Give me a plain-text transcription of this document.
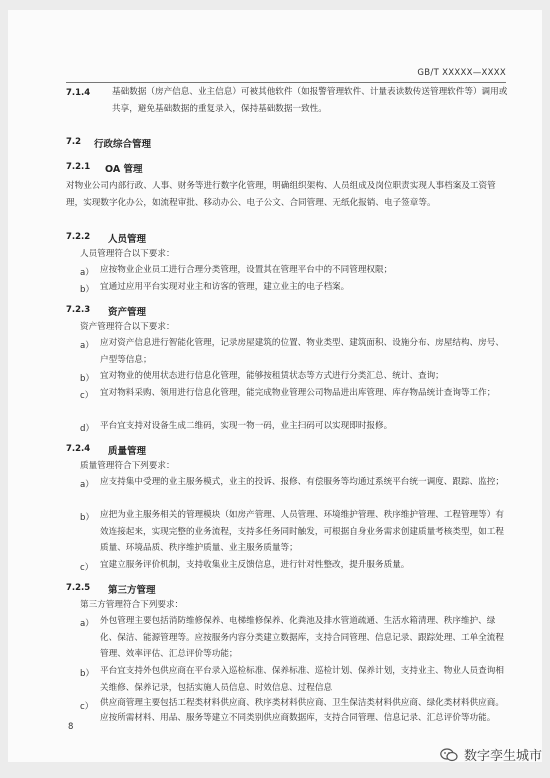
GB/T XXXXX—XXXX
7.1.4	基础数据（房产信息、业主信息）可被其他软件（如报警管理软件、计量表读数传送管理软件等）调用或共享，避免基础数据的重复录入，保持基础数据一致性。
7.2 行政综合管理
7.2.1 OA 管理
对物业公司内部行政、人事、财务等进行数字化管理，明确组织架构、人员组成及岗位职责实现人事档案及工资管理，实现数字化办公，如流程审批、移动办公、电子公文、合同管理、无纸化报销、电子签章等。
7.2.2 人员管理
人员管理符合以下要求：
a） 应按物业企业员工进行合理分类管理，设置其在管理平台中的不同管理权限；
b） 宜通过应用平台实现对业主和访客的管理，建立业主的电子档案。
7.2.3 资产管理
资产管理符合以下要求：
a） 应对资产信息进行智能化管理，记录房屋建筑的位置、物业类型、建筑面积、设施分布、房屋结构、房号、户型等信息；
b） 宜对物业的使用状态进行信息化管理，能够按租赁状态等方式进行分类汇总、统计、查询；
c） 宜对物料采购、领用进行信息化管理，能完成物业管理公司物品进出库管理、库存物品统计查询等工作；
d） 平台宜支持对设备生成二维码，实现一物一码，业主扫码可以实现即时报修。
7.2.4 质量管理
质量管理符合下列要求：
a） 应支持集中受理的业主服务模式，业主的投诉、报修、有偿服务等均通过系统平台统一调度、跟踪、监控；
b） 应把为业主服务相关的管理模块（如房产管理、人员管理、环境维护管理、秩序维护管理、工程管理等）有效连接起来，实现完整的业务流程，支持多任务同时触发，可根据自身业务需求创建质量考核类型，如工程质量、环境品质、秩序维护质量、业主服务质量等；
c） 宜建立服务评价机制，支持收集业主反馈信息，进行针对性整改，提升服务质量。
7.2.5 第三方管理
第三方管理符合下列要求：
a） 外包管理主要包括消防维修保养、电梯维修保养、化粪池及排水管道疏通、生活水箱清理、秩序维护、绿化、保洁、能源管理等。应按服务内容分类建立数据库，支持合同管理、信息记录、跟踪处理、工单全流程管理、效率评估、汇总评价等功能；
b） 平台宜支持外包供应商在平台录入巡检标准、保养标准、巡检计划、保养计划，支持业主、物业人员查询相关维修、保养记录，包括实施人员信息、时效信息、过程信息
c） 供应商管理主要包括工程类材料供应商、秩序类材料供应商、卫生保洁类材料供应商、绿化类材料供应商。应按所需材料、用品、服务等建立不同类别供应商数据库，支持合同管理、信息记录、汇总评价等功能。
8
数字孪生城市
